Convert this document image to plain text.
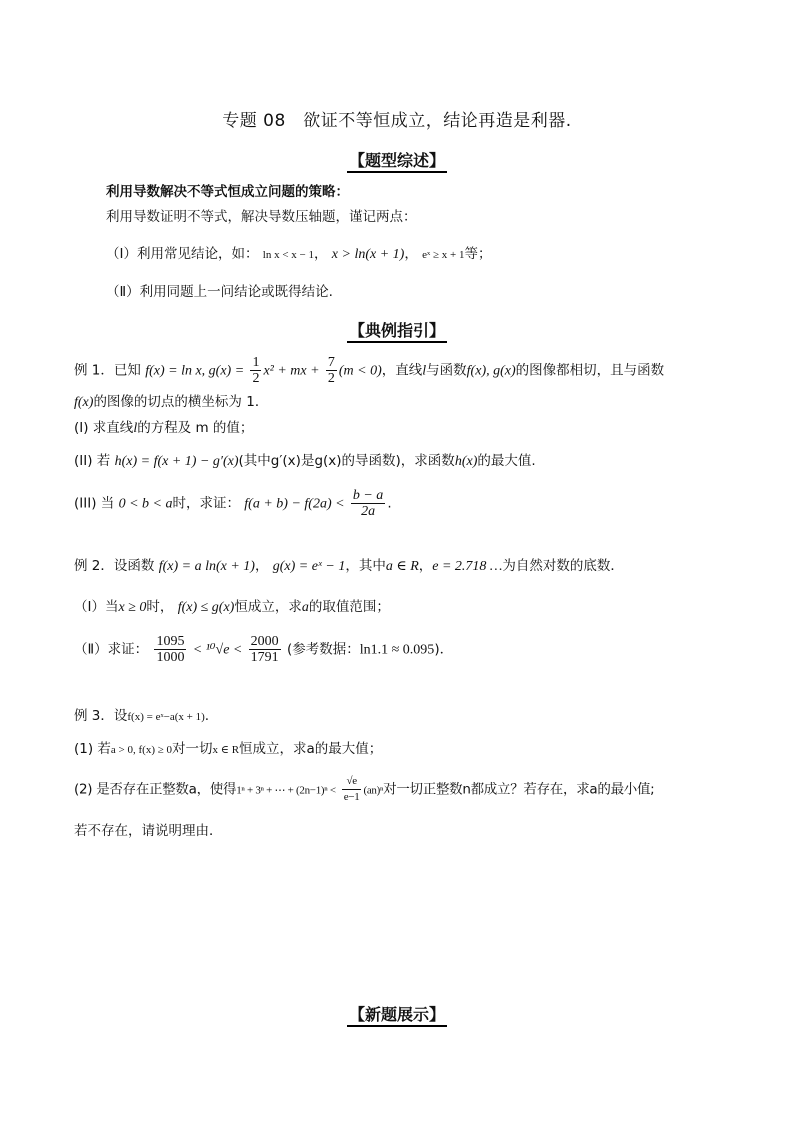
专题 08　欲证不等恒成立，结论再造是利器.
【题型综述】
利用导数解决不等式恒成立问题的策略：
利用导数证明不等式，解决导数压轴题，谨记两点：
（Ⅰ）利用常见结论，如： ln x < x − 1， x > ln(x + 1)， eˣ ≥ x + 1等；
（Ⅱ）利用同题上一问结论或既得结论.
【典例指引】
例 1．已知 f(x) = ln x, $g(x) = \frac{1}{2} x^2$ + mx + $\frac{7}{2} (m < 0)$，直线l与函数f(x), g(x)的图像都相切，且与函数
f(x)的图像的切点的横坐标为 1．
(I) 求直线l的方程及 m 的值；
(II) 若 h(x) = f(x + 1) − g′(x)(其中g′(x)是g(x)的导函数)，求函数h(x)的最大值.
(III) 当 0 < b < a时，求证： $f(a + b) - f(2a) < \frac{b - a}{2a}$ .
例 2．设函数 f(x) = a ln(x + 1)， g(x) = eˣ − 1，其中a ∈ R，e = 2.718 …为自然对数的底数．
（Ⅰ）当x ≥ 0时， f(x) ≤ g(x)恒成立，求a的取值范围；
（Ⅱ）求证： $\frac{1095}{1000} < ^{10}√e < \frac{2000}{1791}$ (参考数据：ln1.1 ≈ 0.095)．
例 3．设f(x) = eˣ−a(x + 1).
(1) 若a > 0, f(x) ≥ 0对一切x ∈ R恒成立，求a的最大值；
(2) 是否存在正整数a，使得1ⁿ + 3ⁿ + ⋯ + $(2n-1)^n < \frac{√e}{e-1} (an)^n$对一切正整数n都成立？若存在，求a的最小值;
若不存在，请说明理由．
【新题展示】
